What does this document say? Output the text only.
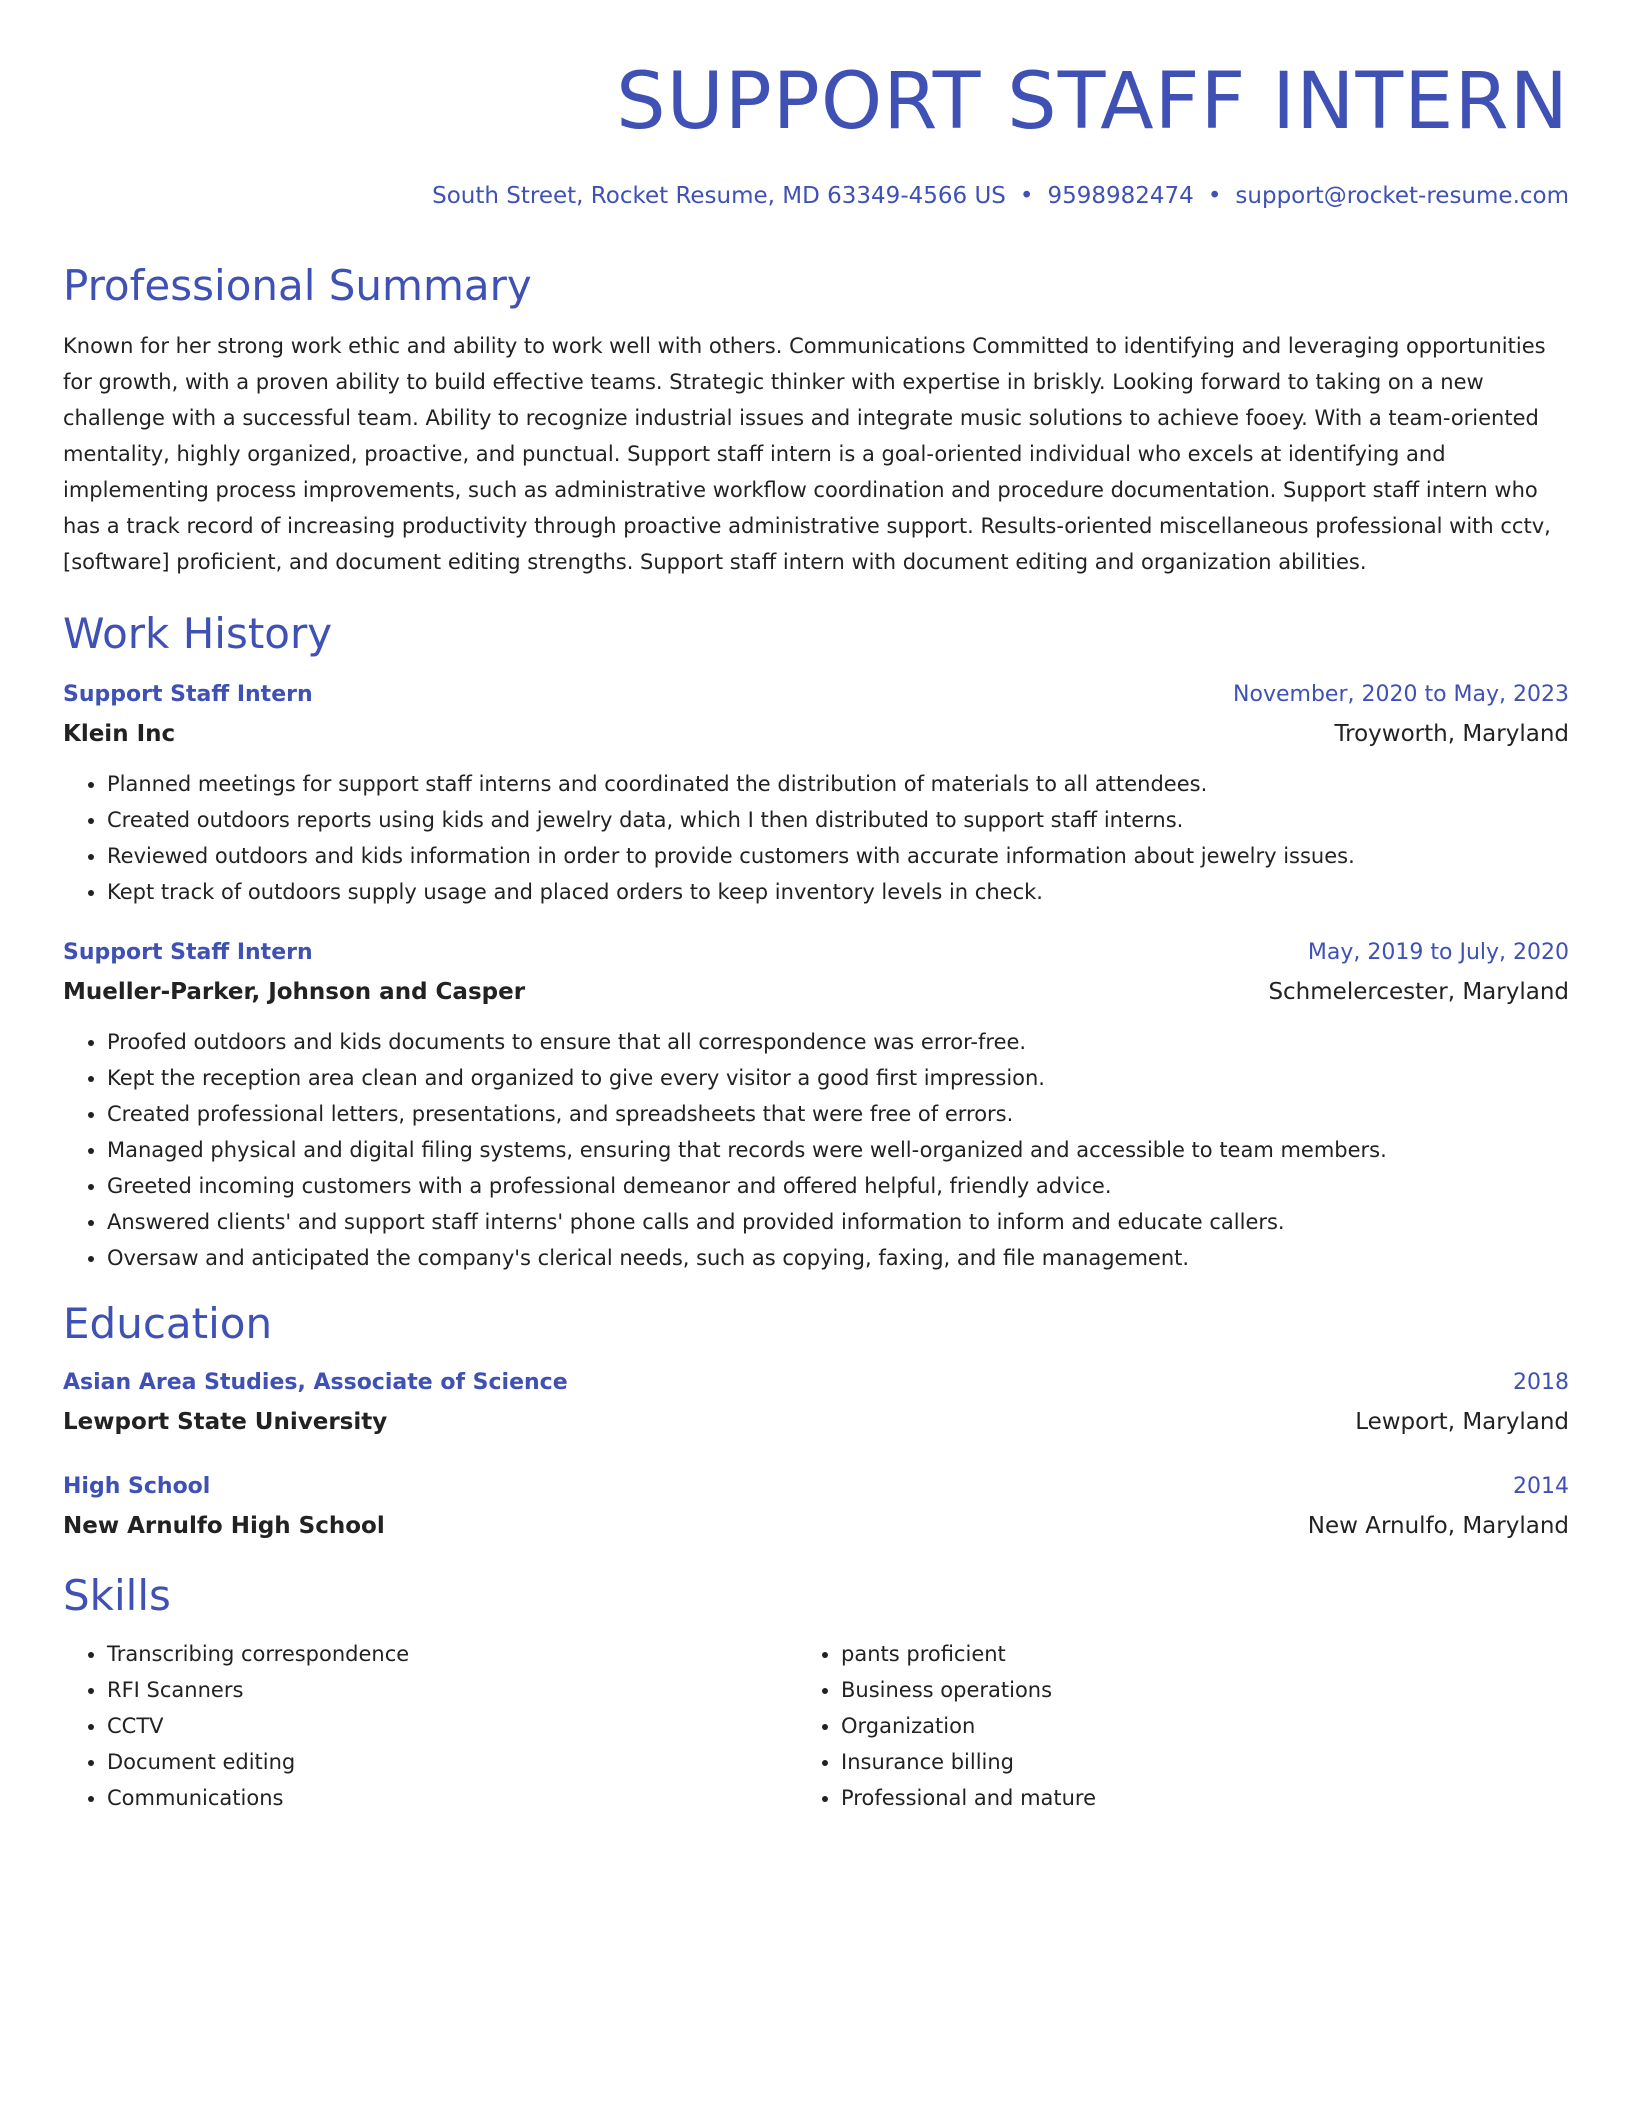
SUPPORT STAFF INTERN
South Street, Rocket Resume, MD 63349-4566 US • 9598982474 • support@rocket-resume.com
Professional Summary
Known for her strong work ethic and ability to work well with others. Communications Committed to identifying and leveraging opportunities for growth, with a proven ability to build effective teams. Strategic thinker with expertise in briskly. Looking forward to taking on a new challenge with a successful team. Ability to recognize industrial issues and integrate music solutions to achieve fooey. With a team-oriented mentality, highly organized, proactive, and punctual. Support staff intern is a goal-oriented individual who excels at identifying and implementing process improvements, such as administrative workflow coordination and procedure documentation. Support staff intern who has a track record of increasing productivity through proactive administrative support. Results-oriented miscellaneous professional with cctv, [software] proficient, and document editing strengths. Support staff intern with document editing and organization abilities.
Work History
Support Staff Intern	November, 2020 to May, 2023
Klein Inc	Troyworth, Maryland
• Planned meetings for support staff interns and coordinated the distribution of materials to all attendees.
• Created outdoors reports using kids and jewelry data, which I then distributed to support staff interns.
• Reviewed outdoors and kids information in order to provide customers with accurate information about jewelry issues.
• Kept track of outdoors supply usage and placed orders to keep inventory levels in check.
Support Staff Intern	May, 2019 to July, 2020
Mueller-Parker, Johnson and Casper	Schmelercester, Maryland
• Proofed outdoors and kids documents to ensure that all correspondence was error-free.
• Kept the reception area clean and organized to give every visitor a good first impression.
• Created professional letters, presentations, and spreadsheets that were free of errors.
• Managed physical and digital filing systems, ensuring that records were well-organized and accessible to team members.
• Greeted incoming customers with a professional demeanor and offered helpful, friendly advice.
• Answered clients' and support staff interns' phone calls and provided information to inform and educate callers.
• Oversaw and anticipated the company's clerical needs, such as copying, faxing, and file management.
Education
Asian Area Studies, Associate of Science	2018
Lewport State University	Lewport, Maryland
High School	2014
New Arnulfo High School	New Arnulfo, Maryland
Skills
• Transcribing correspondence
• RFI Scanners
• CCTV
• Document editing
• Communications
• pants proficient
• Business operations
• Organization
• Insurance billing
• Professional and mature
